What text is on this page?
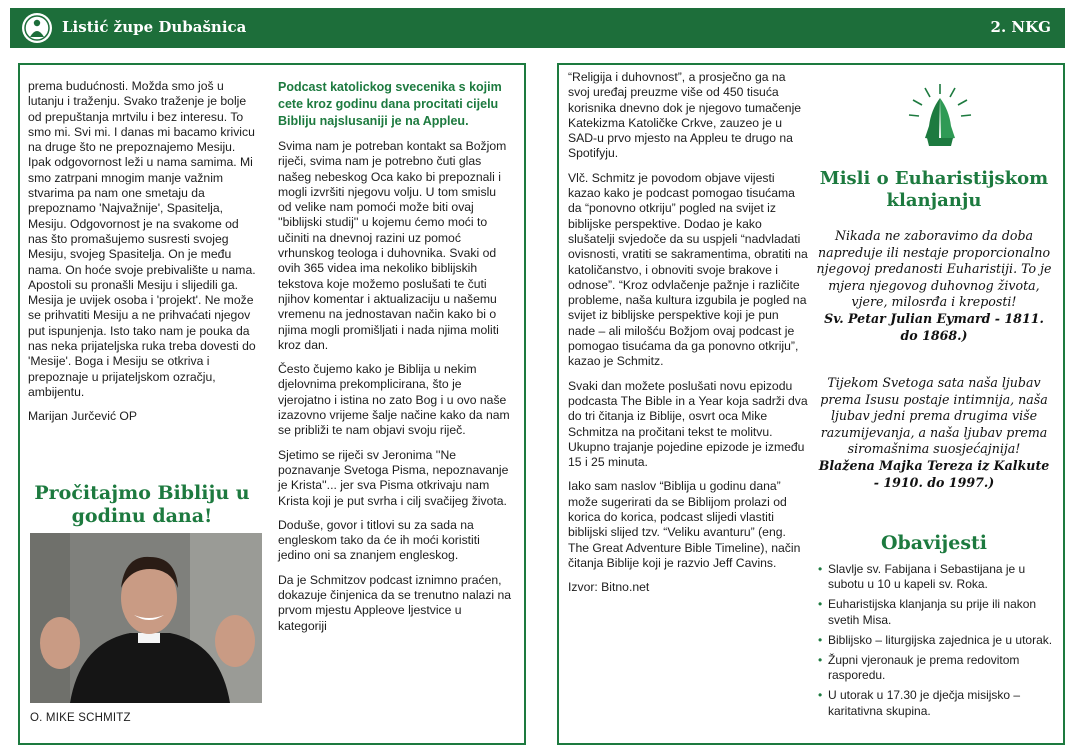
Listić župe Dubašnica	2. NKG

prema budućnosti. Možda smo još u lutanju i traženju. Svako traženje je bolje od prepuštanja mrtvilu i bez interesu. To smo mi. Svi mi. I danas mi bacamo krivicu na druge što ne prepoznajemo Mesiju. Ipak odgovornost leži u nama samima. Mi smo zatrpani mnogim manje važnim stvarima pa nam one smetaju da prepoznamo 'Najvažnije', Spasitelja, Mesiju. Odgovornost je na svakome od nas što promašujemo susresti svojeg Mesiju, svojeg Spasitelja. On je među nama. On hoće svoje prebivalište u nama. Apostoli su pronašli Mesiju i slijedili ga. Mesija je uvijek osoba i 'projekt'. Ne može se prihvatiti Mesiju a ne prihvaćati njegov put ispunjenja. Isto tako nam je pouka da nas neka prijateljska ruka treba dovesti do 'Mesije'. Boga i Mesiju se otkriva i prepoznaje u prijateljskom ozračju, ambijentu.

Marijan Jurčević OP

Pročitajmo Bibliju u godinu dana!
O. MIKE SCHMITZ

Podcast katolickog svecenika s kojim cete kroz godinu dana procitati cijelu Bibliju najslusaniji je na Appleu.

Svima nam je potreban kontakt sa Božjom riječi, svima nam je potrebno čuti glas našeg nebeskog Oca kako bi prepoznali i mogli izvršiti njegovu volju. U tom smislu od velike nam pomoći može biti ovaj ''biblijski studij'' u kojemu ćemo moći to učiniti na dnevnoj razini uz pomoć vrhunskog teologa i duhovnika. Svaki od ovih 365 videa ima nekoliko biblijskih tekstova koje možemo poslušati te čuti njihov komentar i aktualizaciju u našemu vremenu na jednostavan način kako bi o njima mogli promišljati i nada njima moliti kroz dan.

Često čujemo kako je Biblija u nekim djelovnima prekomplicirana, što je vjerojatno i istina no zato Bog i u ovo naše izazovno vrijeme šalje načine kako da nam se približi te nam objavi svoju riječ.

Sjetimo se riječi sv Jeronima ''Ne poznavanje Svetoga Pisma, nepoznavanje je Krista''... jer sva Pisma otkrivaju nam Krista koji je put svrha i cilj svačijeg života.

Doduše, govor i titlovi su za sada na engleskom tako da će ih moći koristiti jedino oni sa znanjem engleskog.

Da je Schmitzov podcast iznimno praćen, dokazuje činjenica da se trenutno nalazi na prvom mjestu Appleove ljestvice u kategoriji

“Religija i duhovnost”, a prosječno ga na svoj uređaj preuzme više od 450 tisuća korisnika dnevno dok je njegovo tumačenje Katekizma Katoličke Crkve, zauzeo je u SAD-u prvo mjesto na Appleu te drugo na Spotifyju.

Vlč. Schmitz je povodom objave vijesti kazao kako je podcast pomogao tisućama da “ponovno otkriju” pogled na svijet iz biblijske perspektive. Dodao je kako slušatelji svjedoče da su uspjeli “nadvladati ovisnosti, vratiti se sakramentima, obratiti na katoličanstvo, i obnoviti svoje brakove i odnose”. “Kroz odvlačenje pažnje i različite probleme, naša kultura izgubila je pogled na svijet iz biblijske perspektive koji je pun nade – ali milošću Božjom ovaj podcast je pomogao tisućama da ga ponovno otkriju”, kazao je Schmitz.

Svaki dan možete poslušati novu epizodu podcasta The Bible in a Year koja sadrži dva do tri čitanja iz Biblije, osvrt oca Mike Schmitza na pročitani tekst te molitvu. Ukupno trajanje pojedine epizode je između 15 i 25 minuta.

Iako sam naslov “Biblija u godinu dana” može sugerirati da se Biblijom prolazi od korica do korica, podcast slijedi vlastiti biblijski slijed tzv. “Veliku avanturu” (eng. The Great Adventure Bible Timeline), način čitanja Biblije koji je razvio Jeff Cavins.

Izvor: Bitno.net

Misli o Euharistijskom klanjanju
Nikada ne zaboravimo da doba napreduje ili nestaje proporcionalno njegovoj predanosti Euharistiji. To je mjera njegovog duhovnog života, vjere, milosrđa i kreposti!
Sv. Petar Julian Eymard - 1811. do 1868.)
Tijekom Svetoga sata naša ljubav prema Isusu postaje intimnija, naša ljubav jedni prema drugima više razumijevanja, a naša ljubav prema siromašnima suosjećajnija!
Blažena Majka Tereza iz Kalkute - 1910. do 1997.)
Obavijesti
• Slavlje sv. Fabijana i Sebastijana je u subotu u 10 u kapeli sv. Roka.
• Euharistijska klanjanja su prije ili nakon svetih Misa.
• Biblijsko – liturgijska zajednica je u utorak.
• Župni vjeronauk je prema redovitom rasporedu.
• U utorak u 17.30 je dječja misijsko – karitativna skupina.
